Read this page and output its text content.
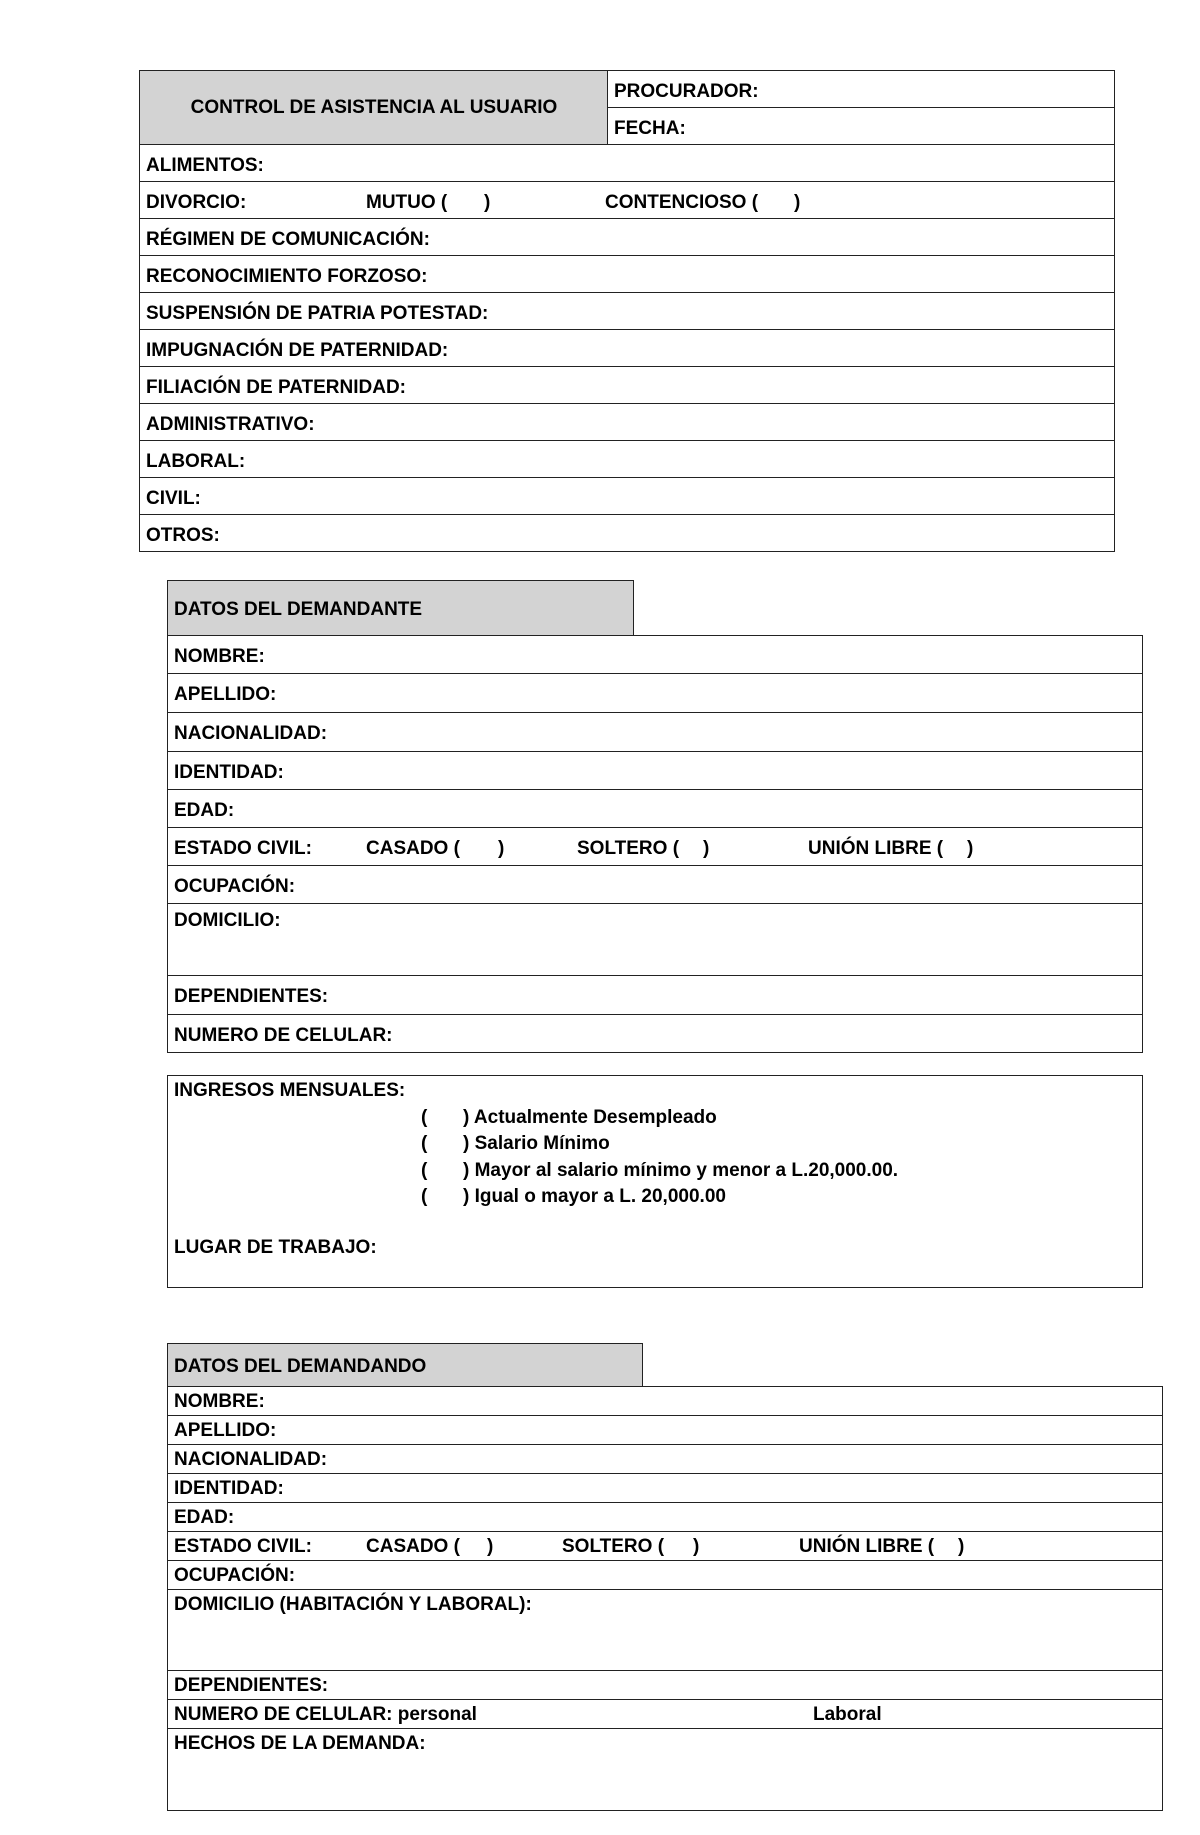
CONTROL DE ASISTENCIA AL USUARIO
PROCURADOR:
FECHA:
ALIMENTOS:
DIVORCIO:	MUTUO ( )	CONTENCIOSO ( )
RÉGIMEN DE COMUNICACIÓN:
RECONOCIMIENTO FORZOSO:
SUSPENSIÓN DE PATRIA POTESTAD:
IMPUGNACIÓN DE PATERNIDAD:
FILIACIÓN DE PATERNIDAD:
ADMINISTRATIVO:
LABORAL:
CIVIL:
OTROS:
DATOS DEL DEMANDANTE
NOMBRE:
APELLIDO:
NACIONALIDAD:
IDENTIDAD:
EDAD:
ESTADO CIVIL:	CASADO ( )	SOLTERO ( )	UNIÓN LIBRE ( )
OCUPACIÓN:
DOMICILIO:
DEPENDIENTES:
NUMERO DE CELULAR:
INGRESOS MENSUALES:
( ) Actualmente Desempleado
( ) Salario Mínimo
( ) Mayor al salario mínimo y menor a L.20,000.00.
( ) Igual o mayor a L. 20,000.00
LUGAR DE TRABAJO:
DATOS DEL DEMANDANDO
NOMBRE:
APELLIDO:
NACIONALIDAD:
IDENTIDAD:
EDAD:
ESTADO CIVIL:	CASADO ( )	SOLTERO ( )	UNIÓN LIBRE ( )
OCUPACIÓN:
DOMICILIO (HABITACIÓN Y LABORAL):
DEPENDIENTES:
NUMERO DE CELULAR: personal	Laboral
HECHOS DE LA DEMANDA:
